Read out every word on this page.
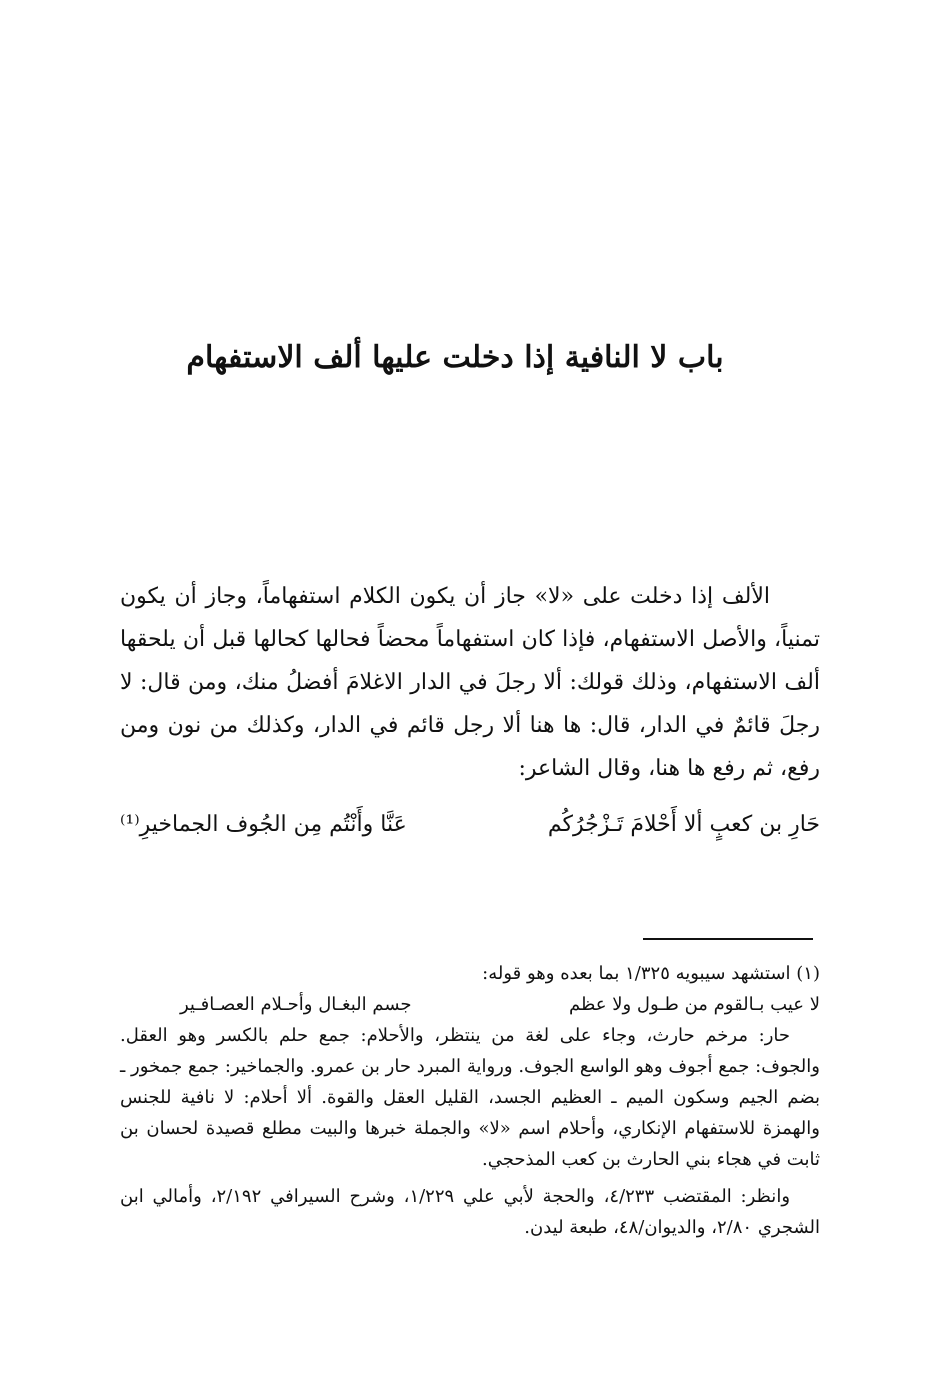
باب لا النافية إذا دخلت عليها ألف الاستفهام

الألف إذا دخلت على «لا» جاز أن يكون الكلام استفهاماً، وجاز أن يكون تمنياً، والأصل الاستفهام، فإذا كان استفهاماً محضاً فحالها كحالها قبل أن يلحقها ألف الاستفهام، وذلك قولك: ألا رجلَ في الدار الاغلامَ أفضلُ منك، ومن قال: لا رجلَ قائمٌ في الدار، قال: ها هنا ألا رجل قائم في الدار، وكذلك من نون ومن رفع، ثم رفع ها هنا، وقال الشاعر:

حَارِ بن كعبٍ ألا أَحْلامَ تَـزْجُرُكُم
عَنَّا وأَنْتُم مِن الجُوف الجماخيرِ⁽¹⁾

(١) استشهد سيبويه ١/٣٢٥ بما بعده وهو قوله:

لا عيب بـالقوم من طـول ولا عظم
جسم البغـال وأحـلام العصـافـير

حار: مرخم حارث، وجاء على لغة من ينتظر، والأحلام: جمع حلم بالكسر وهو العقل. والجوف: جمع أجوف وهو الواسع الجوف. ورواية المبرد حار بن عمرو. والجماخير: جمع جمخور ـ بضم الجيم وسكون الميم ـ العظيم الجسد، القليل العقل والقوة. ألا أحلام: لا نافية للجنس والهمزة للاستفهام الإنكاري، وأحلام اسم «لا» والجملة خبرها والبيت مطلع قصيدة لحسان بن ثابت في هجاء بني الحارث بن كعب المذحجي.

وانظر: المقتضب ٤/٢٣٣، والحجة لأبي علي ١/٢٢٩، وشرح السيرافي ٢/١٩٢، وأمالي ابن الشجري ٢/٨٠، والديوان/٤٨، طبعة ليدن.
